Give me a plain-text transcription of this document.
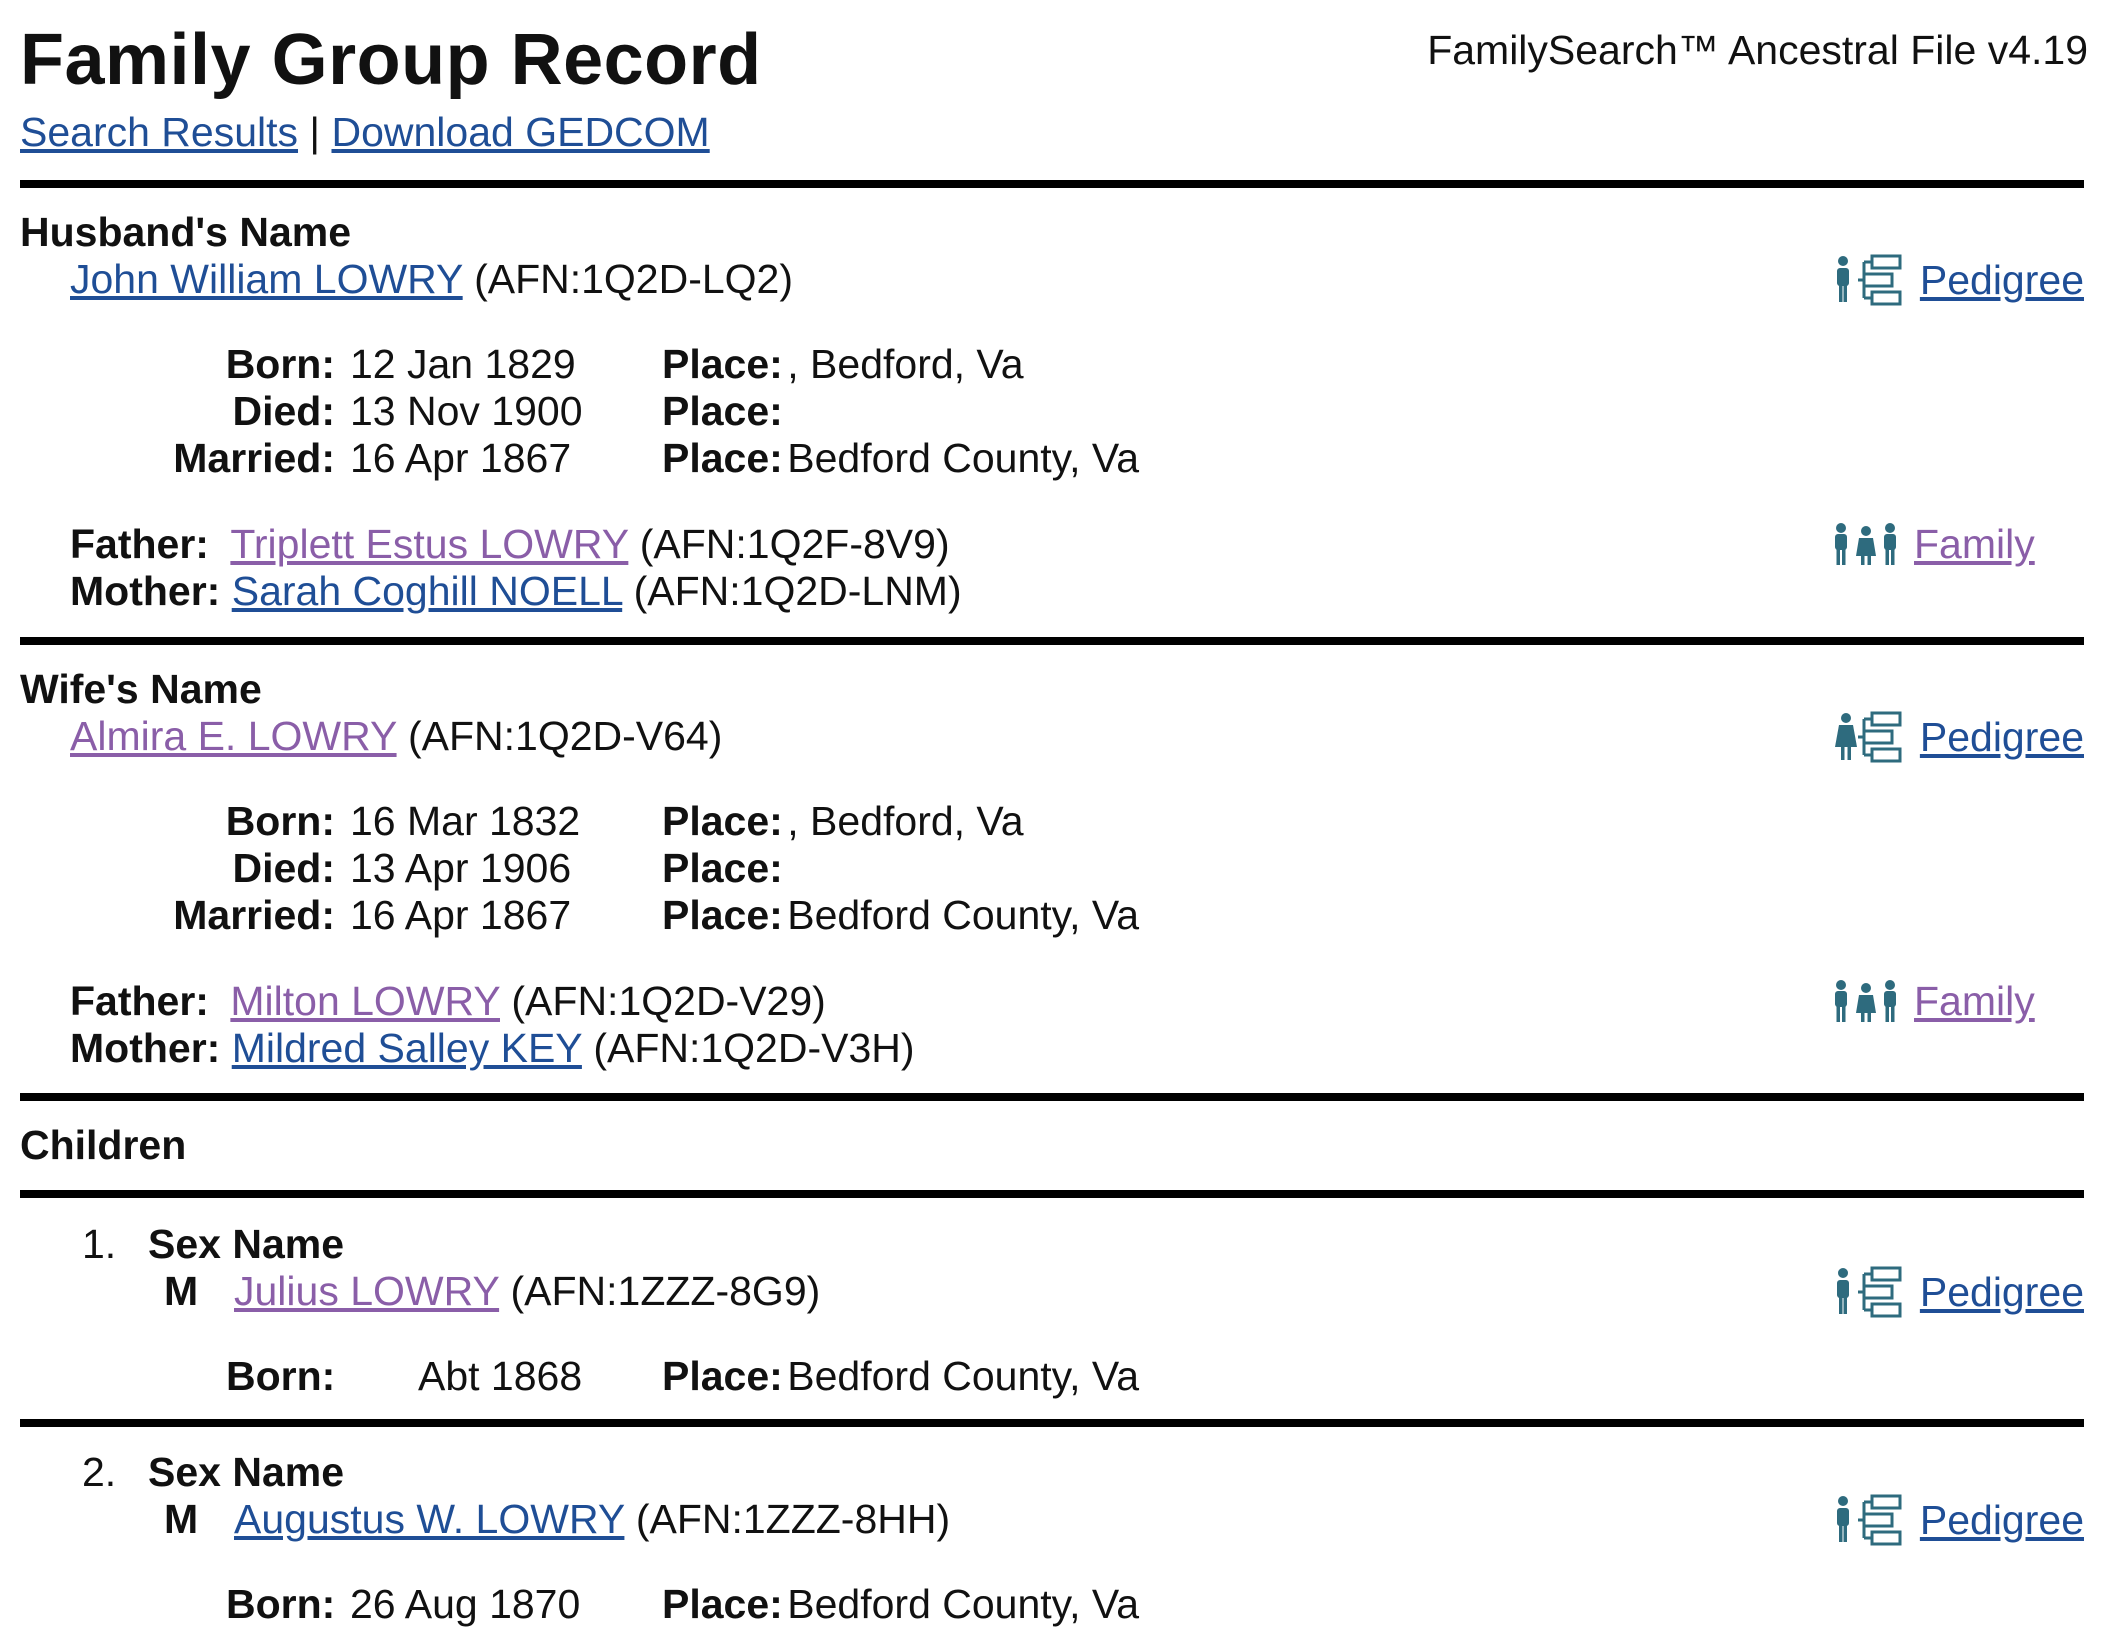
Family Group Record	FamilySearch™ Ancestral File v4.19
Search Results | Download GEDCOM
Husband's Name
John William LOWRY (AFN:1Q2D-LQ2)	Pedigree
Born: 12 Jan 1829 Place: , Bedford, Va
Died: 13 Nov 1900 Place:
Married: 16 Apr 1867 Place: Bedford County, Va
Father: Triplett Estus LOWRY (AFN:1Q2F-8V9)
Mother: Sarah Coghill NOELL (AFN:1Q2D-LNM)
Family
Wife's Name
Almira E. LOWRY (AFN:1Q2D-V64)	Pedigree
Born: 16 Mar 1832 Place: , Bedford, Va
Died: 13 Apr 1906 Place:
Married: 16 Apr 1867 Place: Bedford County, Va
Father: Milton LOWRY (AFN:1Q2D-V29)
Mother: Mildred Salley KEY (AFN:1Q2D-V3H)
Family
Children
1. Sex Name
M Julius LOWRY (AFN:1ZZZ-8G9)	Pedigree
Born: Abt 1868 Place: Bedford County, Va
2. Sex Name
M Augustus W. LOWRY (AFN:1ZZZ-8HH)	Pedigree
Born: 26 Aug 1870 Place: Bedford County, Va
